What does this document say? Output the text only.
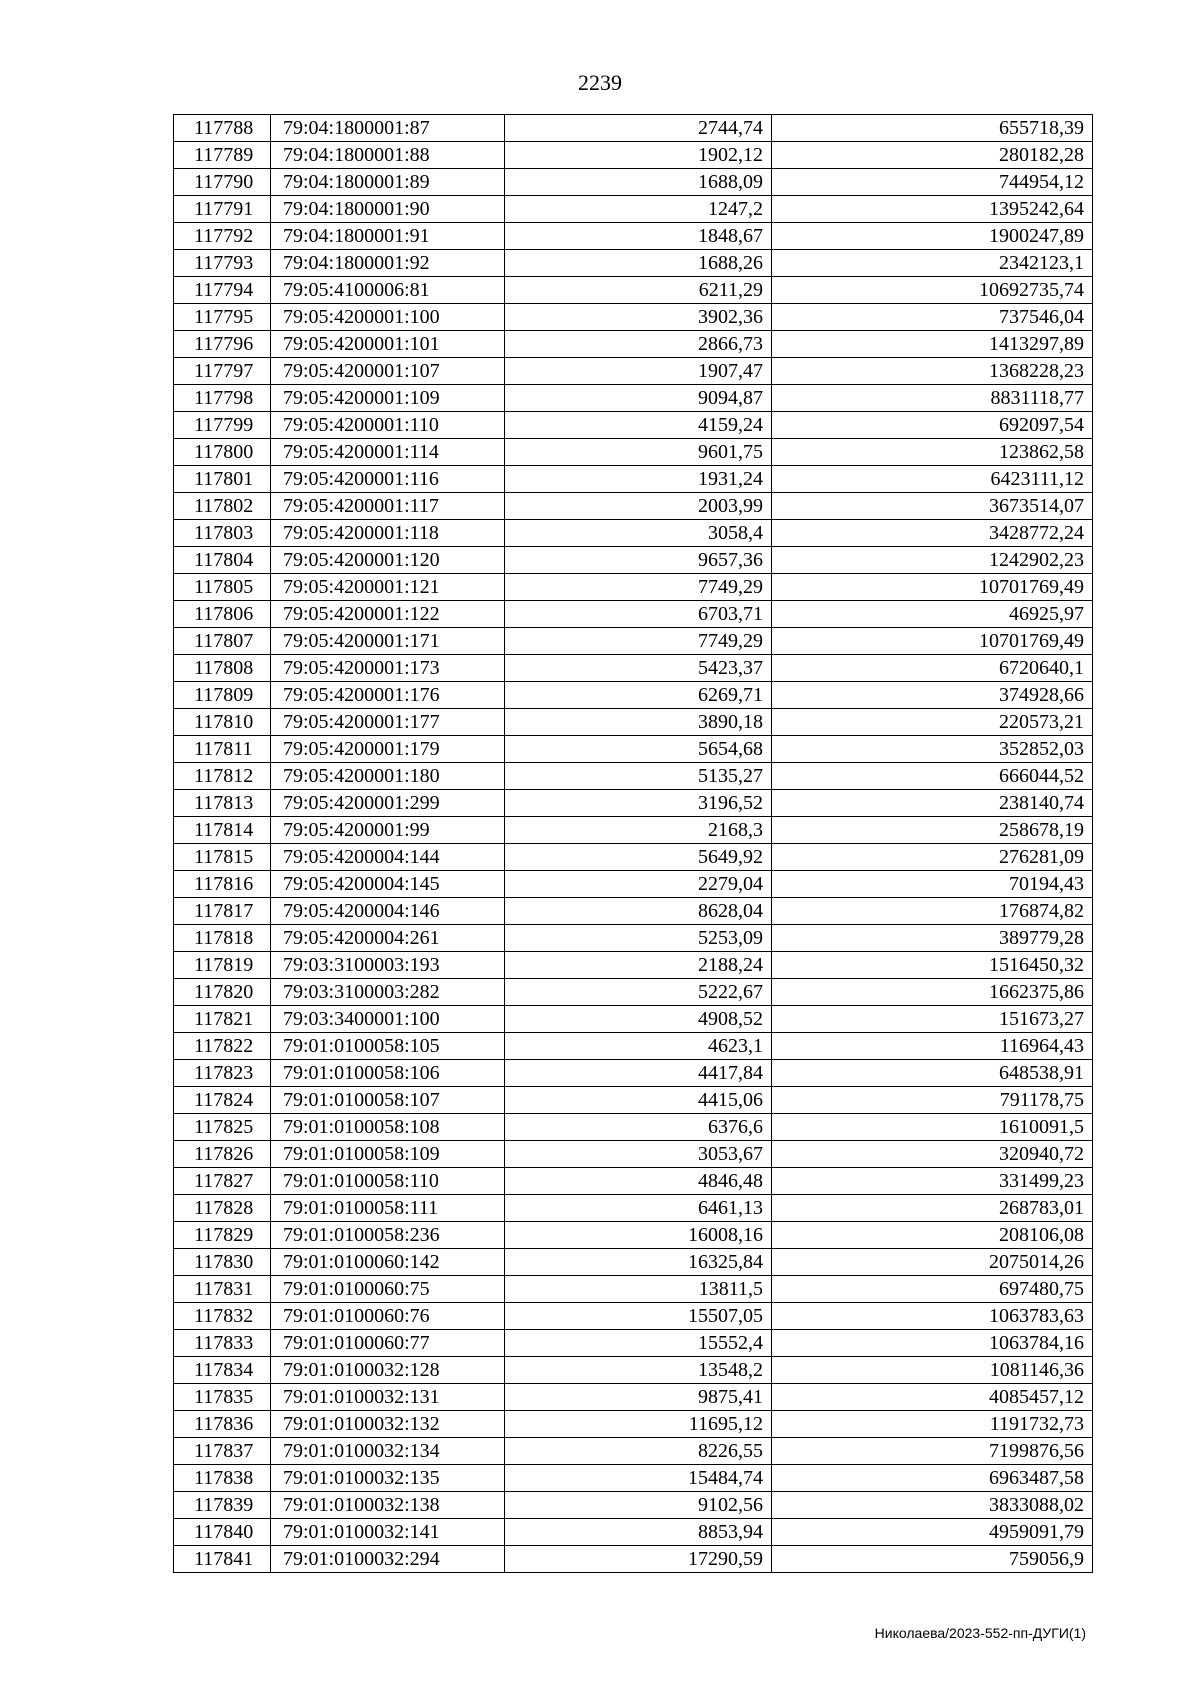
2239
117788	79:04:1800001:87	2744,74	655718,39
117789	79:04:1800001:88	1902,12	280182,28
117790	79:04:1800001:89	1688,09	744954,12
117791	79:04:1800001:90	1247,2	1395242,64
117792	79:04:1800001:91	1848,67	1900247,89
117793	79:04:1800001:92	1688,26	2342123,1
117794	79:05:4100006:81	6211,29	10692735,74
117795	79:05:4200001:100	3902,36	737546,04
117796	79:05:4200001:101	2866,73	1413297,89
117797	79:05:4200001:107	1907,47	1368228,23
117798	79:05:4200001:109	9094,87	8831118,77
117799	79:05:4200001:110	4159,24	692097,54
117800	79:05:4200001:114	9601,75	123862,58
117801	79:05:4200001:116	1931,24	6423111,12
117802	79:05:4200001:117	2003,99	3673514,07
117803	79:05:4200001:118	3058,4	3428772,24
117804	79:05:4200001:120	9657,36	1242902,23
117805	79:05:4200001:121	7749,29	10701769,49
117806	79:05:4200001:122	6703,71	46925,97
117807	79:05:4200001:171	7749,29	10701769,49
117808	79:05:4200001:173	5423,37	6720640,1
117809	79:05:4200001:176	6269,71	374928,66
117810	79:05:4200001:177	3890,18	220573,21
117811	79:05:4200001:179	5654,68	352852,03
117812	79:05:4200001:180	5135,27	666044,52
117813	79:05:4200001:299	3196,52	238140,74
117814	79:05:4200001:99	2168,3	258678,19
117815	79:05:4200004:144	5649,92	276281,09
117816	79:05:4200004:145	2279,04	70194,43
117817	79:05:4200004:146	8628,04	176874,82
117818	79:05:4200004:261	5253,09	389779,28
117819	79:03:3100003:193	2188,24	1516450,32
117820	79:03:3100003:282	5222,67	1662375,86
117821	79:03:3400001:100	4908,52	151673,27
117822	79:01:0100058:105	4623,1	116964,43
117823	79:01:0100058:106	4417,84	648538,91
117824	79:01:0100058:107	4415,06	791178,75
117825	79:01:0100058:108	6376,6	1610091,5
117826	79:01:0100058:109	3053,67	320940,72
117827	79:01:0100058:110	4846,48	331499,23
117828	79:01:0100058:111	6461,13	268783,01
117829	79:01:0100058:236	16008,16	208106,08
117830	79:01:0100060:142	16325,84	2075014,26
117831	79:01:0100060:75	13811,5	697480,75
117832	79:01:0100060:76	15507,05	1063783,63
117833	79:01:0100060:77	15552,4	1063784,16
117834	79:01:0100032:128	13548,2	1081146,36
117835	79:01:0100032:131	9875,41	4085457,12
117836	79:01:0100032:132	11695,12	1191732,73
117837	79:01:0100032:134	8226,55	7199876,56
117838	79:01:0100032:135	15484,74	6963487,58
117839	79:01:0100032:138	9102,56	3833088,02
117840	79:01:0100032:141	8853,94	4959091,79
117841	79:01:0100032:294	17290,59	759056,9
Николаева/2023-552-пп-ДУГИ(1)
